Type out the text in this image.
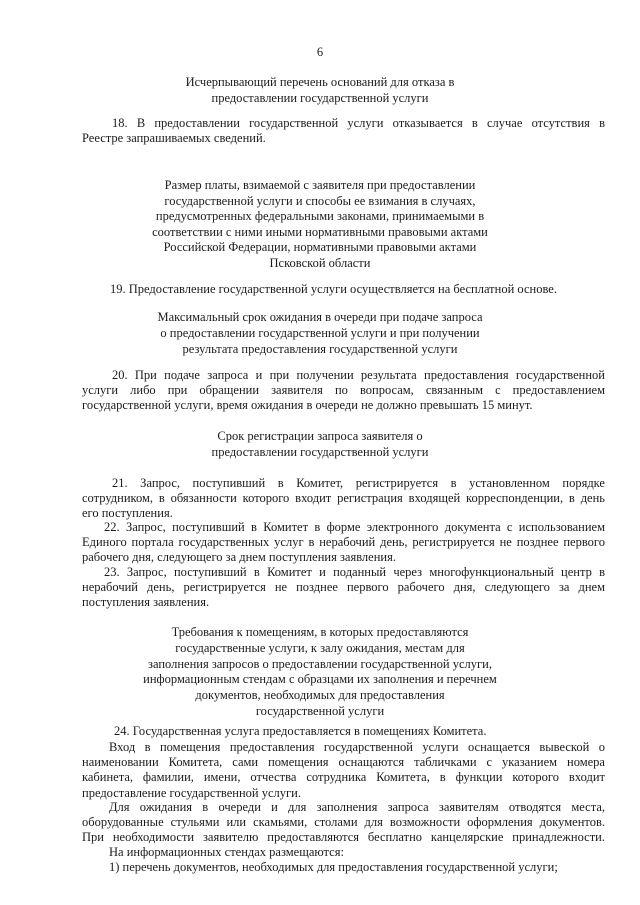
6
Исчерпывающий перечень оснований для отказа в
предоставлении государственной услуги
18. В предоставлении государственной услуги отказывается в случае отсутствия в
Реестре запрашиваемых сведений.
Размер платы, взимаемой с заявителя при предоставлении
государственной услуги и способы ее взимания в случаях,
предусмотренных федеральными законами, принимаемыми в
соответствии с ними иными нормативными правовыми актами
Российской Федерации, нормативными правовыми актами
Псковской области
19. Предоставление государственной услуги осуществляется на бесплатной основе.
Максимальный срок ожидания в очереди при подаче запроса
о предоставлении государственной услуги и при получении
результата предоставления государственной услуги
20. При подаче запроса и при получении результата предоставления государственной
услуги либо при обращении заявителя по вопросам, связанным с предоставлением
государственной услуги, время ожидания в очереди не должно превышать 15 минут.
Срок регистрации запроса заявителя о
предоставлении государственной услуги
21. Запрос, поступивший в Комитет, регистрируется в установленном порядке
сотрудником, в обязанности которого входит регистрация входящей корреспонденции, в день
его поступления.
22. Запрос, поступивший в Комитет в форме электронного документа с использованием
Единого портала государственных услуг в нерабочий день, регистрируется не позднее первого
рабочего дня, следующего за днем поступления заявления.
23. Запрос, поступивший в Комитет и поданный через многофункциональный центр в
нерабочий день, регистрируется не позднее первого рабочего дня, следующего за днем
поступления заявления.
Требования к помещениям, в которых предоставляются
государственные услуги, к залу ожидания, местам для
заполнения запросов о предоставлении государственной услуги,
информационным стендам с образцами их заполнения и перечнем
документов, необходимых для предоставления
государственной услуги
24. Государственная услуга предоставляется в помещениях Комитета.
Вход в помещения предоставления государственной услуги оснащается вывеской о
наименовании Комитета, сами помещения оснащаются табличками с указанием номера
кабинета, фамилии, имени, отчества сотрудника Комитета, в функции которого входит
предоставление государственной услуги.
Для ожидания в очереди и для заполнения запроса заявителям отводятся места,
оборудованные стульями или скамьями, столами для возможности оформления документов.
При необходимости заявителю предоставляются бесплатно канцелярские принадлежности.
На информационных стендах размещаются:
1) перечень документов, необходимых для предоставления государственной услуги;
